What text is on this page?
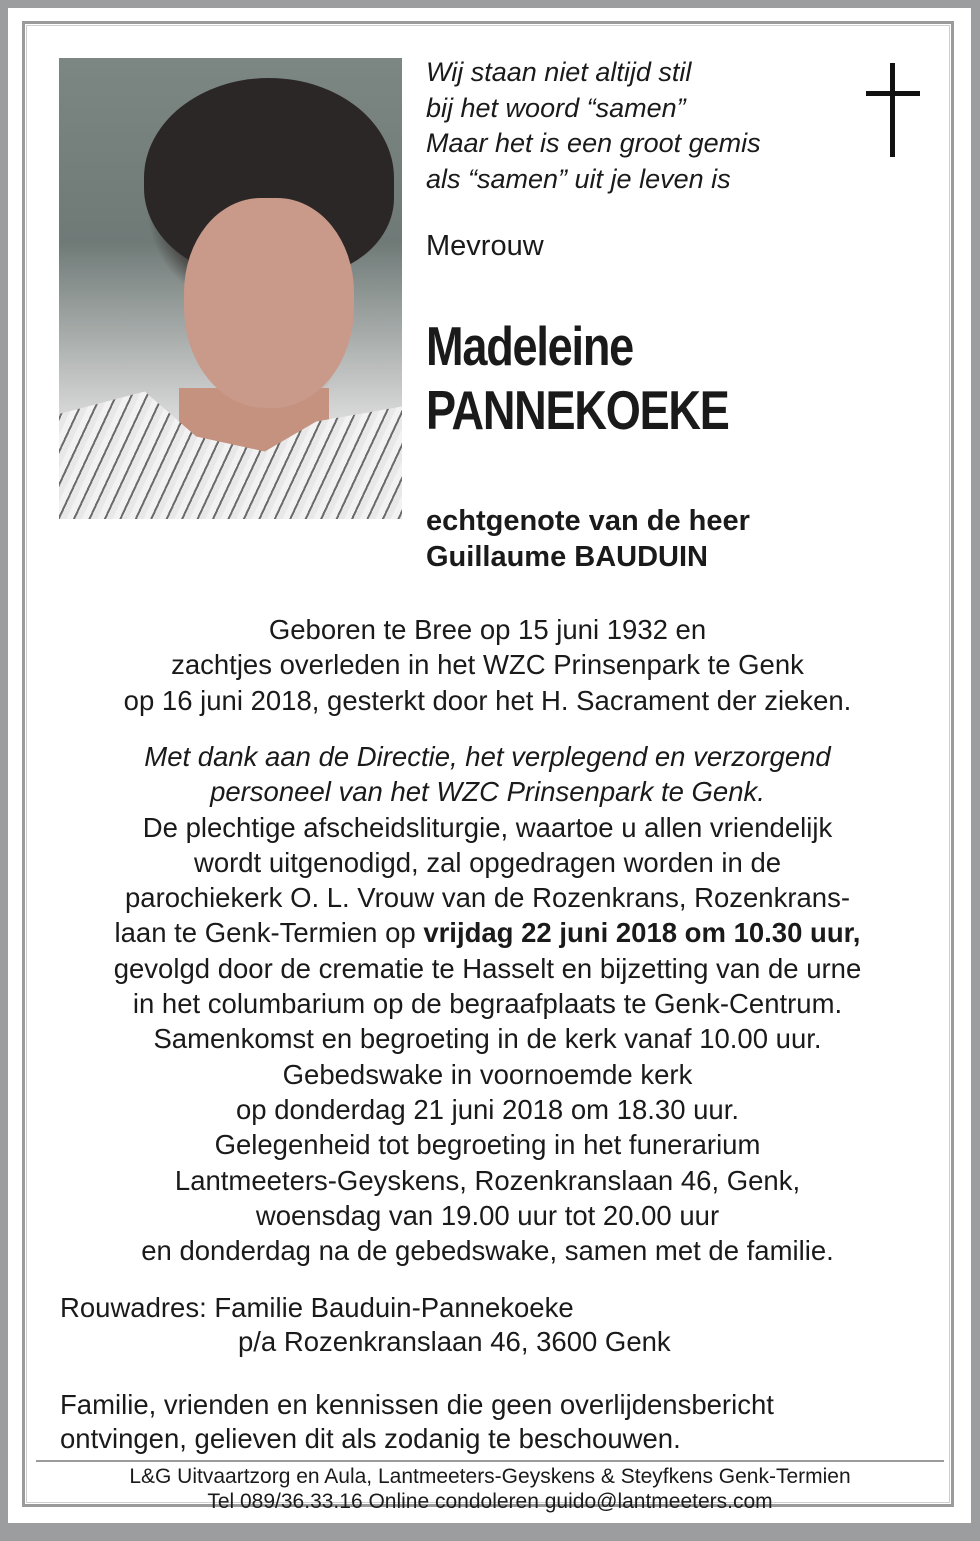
Wij staan niet altijd stil
bij het woord “samen”
Maar het is een groot gemis
als “samen” uit je leven is
Mevrouw
Madeleine
PANNEKOEKE
echtgenote van de heer
Guillaume BAUDUIN
Geboren te Bree op 15 juni 1932 en
zachtjes overleden in het WZC Prinsenpark te Genk
op 16 juni 2018, gesterkt door het H. Sacrament der zieken.
Met dank aan de Directie, het verplegend en verzorgend
personeel van het WZC Prinsenpark te Genk.
De plechtige afscheidsliturgie, waartoe u allen vriendelijk
wordt uitgenodigd, zal opgedragen worden in de
parochiekerk O. L. Vrouw van de Rozenkrans, Rozenkrans-
laan te Genk-Termien op vrijdag 22 juni 2018 om 10.30 uur,
gevolgd door de crematie te Hasselt en bijzetting van de urne
in het columbarium op de begraafplaats te Genk-Centrum.
Samenkomst en begroeting in de kerk vanaf 10.00 uur.
Gebedswake in voornoemde kerk
op donderdag 21 juni 2018 om 18.30 uur.
Gelegenheid tot begroeting in het funerarium
Lantmeeters-Geyskens, Rozenkranslaan 46, Genk,
woensdag van 19.00 uur tot 20.00 uur
en donderdag na de gebedswake, samen met de familie.
Rouwadres: Familie Bauduin-Pannekoeke
p/a Rozenkranslaan 46, 3600 Genk
Familie, vrienden en kennissen die geen overlijdensbericht
ontvingen, gelieven dit als zodanig te beschouwen.
L&G Uitvaartzorg en Aula, Lantmeeters-Geyskens & Steyfkens Genk-Termien
Tel 089/36.33.16 Online condoleren guido@lantmeeters.com
